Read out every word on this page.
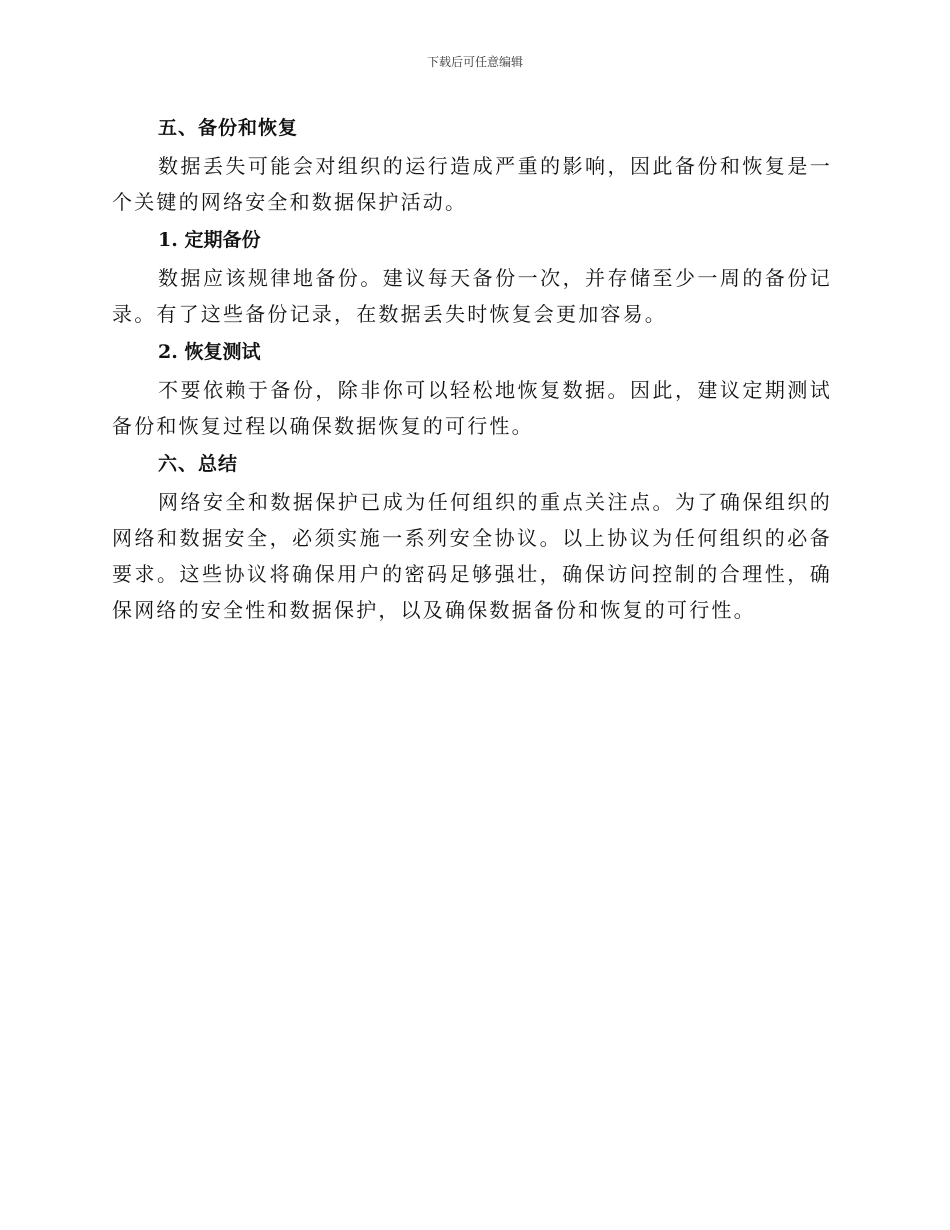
下载后可任意编辑
五、备份和恢复

数据丢失可能会对组织的运行造成严重的影响，因此备份和恢复是一个关键的网络安全和数据保护活动。

1. 定期备份

数据应该规律地备份。建议每天备份一次，并存储至少一周的备份记录。有了这些备份记录，在数据丢失时恢复会更加容易。

2. 恢复测试

不要依赖于备份，除非你可以轻松地恢复数据。因此，建议定期测试备份和恢复过程以确保数据恢复的可行性。

六、总结

网络安全和数据保护已成为任何组织的重点关注点。为了确保组织的网络和数据安全，必须实施一系列安全协议。以上协议为任何组织的必备要求。这些协议将确保用户的密码足够强壮，确保访问控制的合理性，确保网络的安全性和数据保护，以及确保数据备份和恢复的可行性。
